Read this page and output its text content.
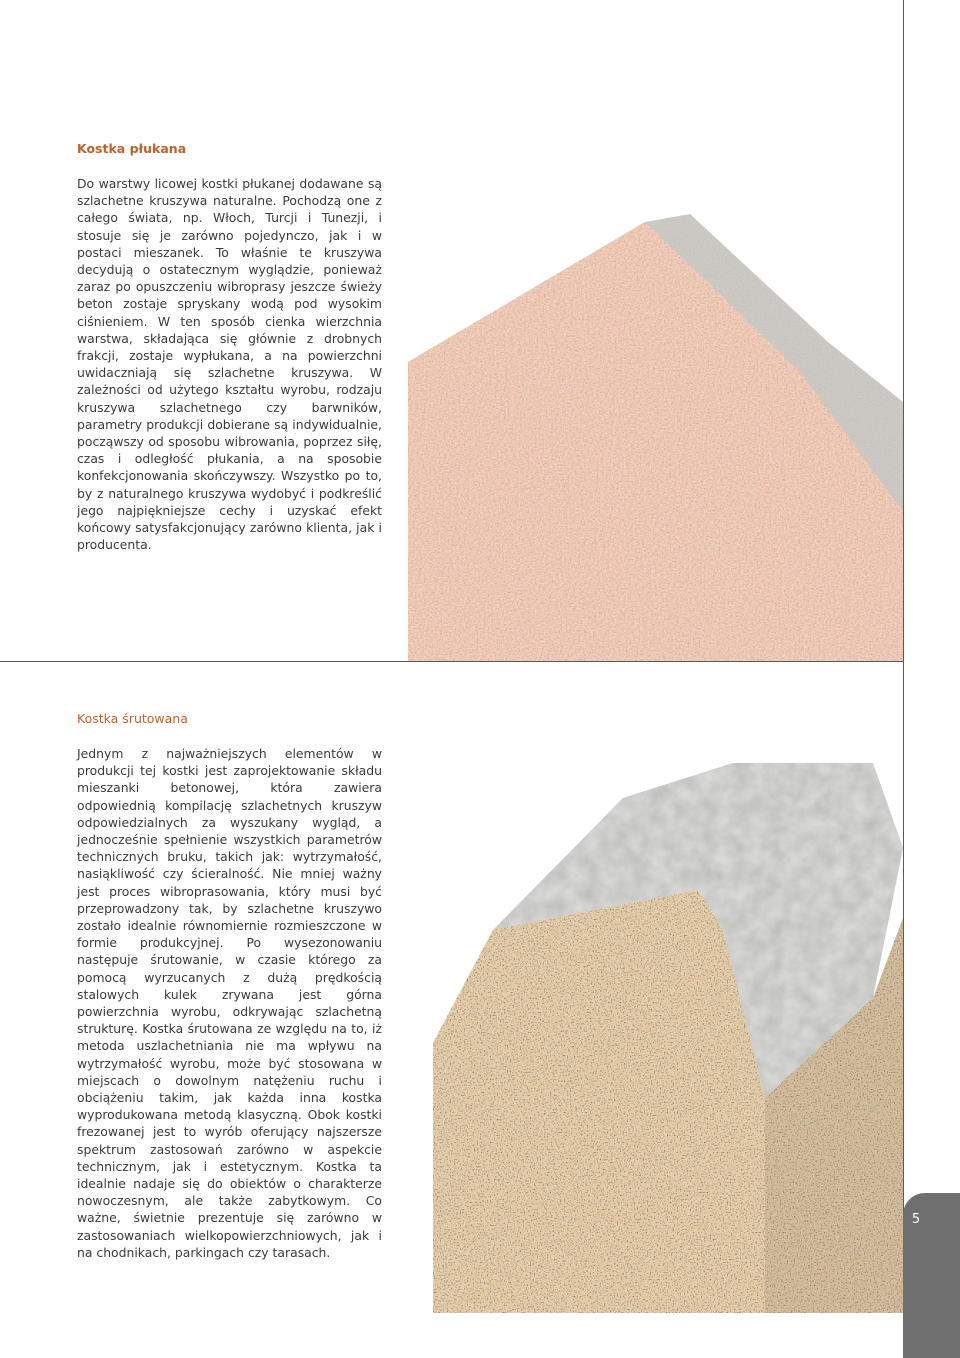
Kostka płukana

Do warstwy licowej kostki płukanej dodawane są szlachetne kruszywa naturalne. Pochodzą one z całego świata, np. Włoch, Turcji i Tunezji, i stosuje się je zarówno pojedynczo, jak i w postaci mieszanek. To właśnie te kruszywa decydują o ostatecznym wyglądzie, ponieważ zaraz po opuszczeniu wibroprasy jeszcze świeży beton zostaje spryskany wodą pod wysokim ciśnieniem. W ten sposób cienka wierzchnia warstwa, składająca się głównie z drobnych frakcji, zostaje wypłukana, a na powierzchni uwidaczniają się szlachetne kruszywa. W zależności od użytego kształtu wyrobu, rodzaju kruszywa szlachetnego czy barwników, parametry produkcji dobierane są indywidualnie, począwszy od sposobu wibrowania, poprzez siłę, czas i odległość płukania, a na sposobie konfekcjonowania skończywszy. Wszystko po to, by z naturalnego kruszywa wydobyć i podkreślić jego najpiękniejsze cechy i uzyskać efekt końcowy satysfakcjonujący zarówno klienta, jak i producenta.

Kostka śrutowana

Jednym z najważniejszych elementów w produkcji tej kostki jest zaprojektowanie składu mieszanki betonowej, która zawiera odpowiednią kompilację szlachetnych kruszyw odpowiedzialnych za wyszukany wygląd, a jednocześnie spełnienie wszystkich parametrów technicznych bruku, takich jak: wytrzymałość, nasiąkliwość czy ścieralność. Nie mniej ważny jest proces wibroprasowania, który musi być przeprowadzony tak, by szlachetne kruszywo zostało idealnie równomiernie rozmieszczone w formie produkcyjnej. Po wysezonowaniu następuje śrutowanie, w czasie którego za pomocą wyrzucanych z dużą prędkością stalowych kulek zrywana jest górna powierzchnia wyrobu, odkrywając szlachetną strukturę. Kostka śrutowana ze względu na to, iż metoda uszlachetniania nie ma wpływu na wytrzymałość wyrobu, może być stosowana w miejscach o dowolnym natężeniu ruchu i obciążeniu takim, jak każda inna kostka wyprodukowana metodą klasyczną. Obok kostki frezowanej jest to wyrób oferujący najszersze spektrum zastosowań zarówno w aspekcie technicznym, jak i estetycznym. Kostka ta idealnie nadaje się do obiektów o charakterze nowoczesnym, ale także zabytkowym. Co ważne, świetnie prezentuje się zarówno w zastosowaniach wielkopowierzchniowych, jak i na chodnikach, parkingach czy tarasach.

5
